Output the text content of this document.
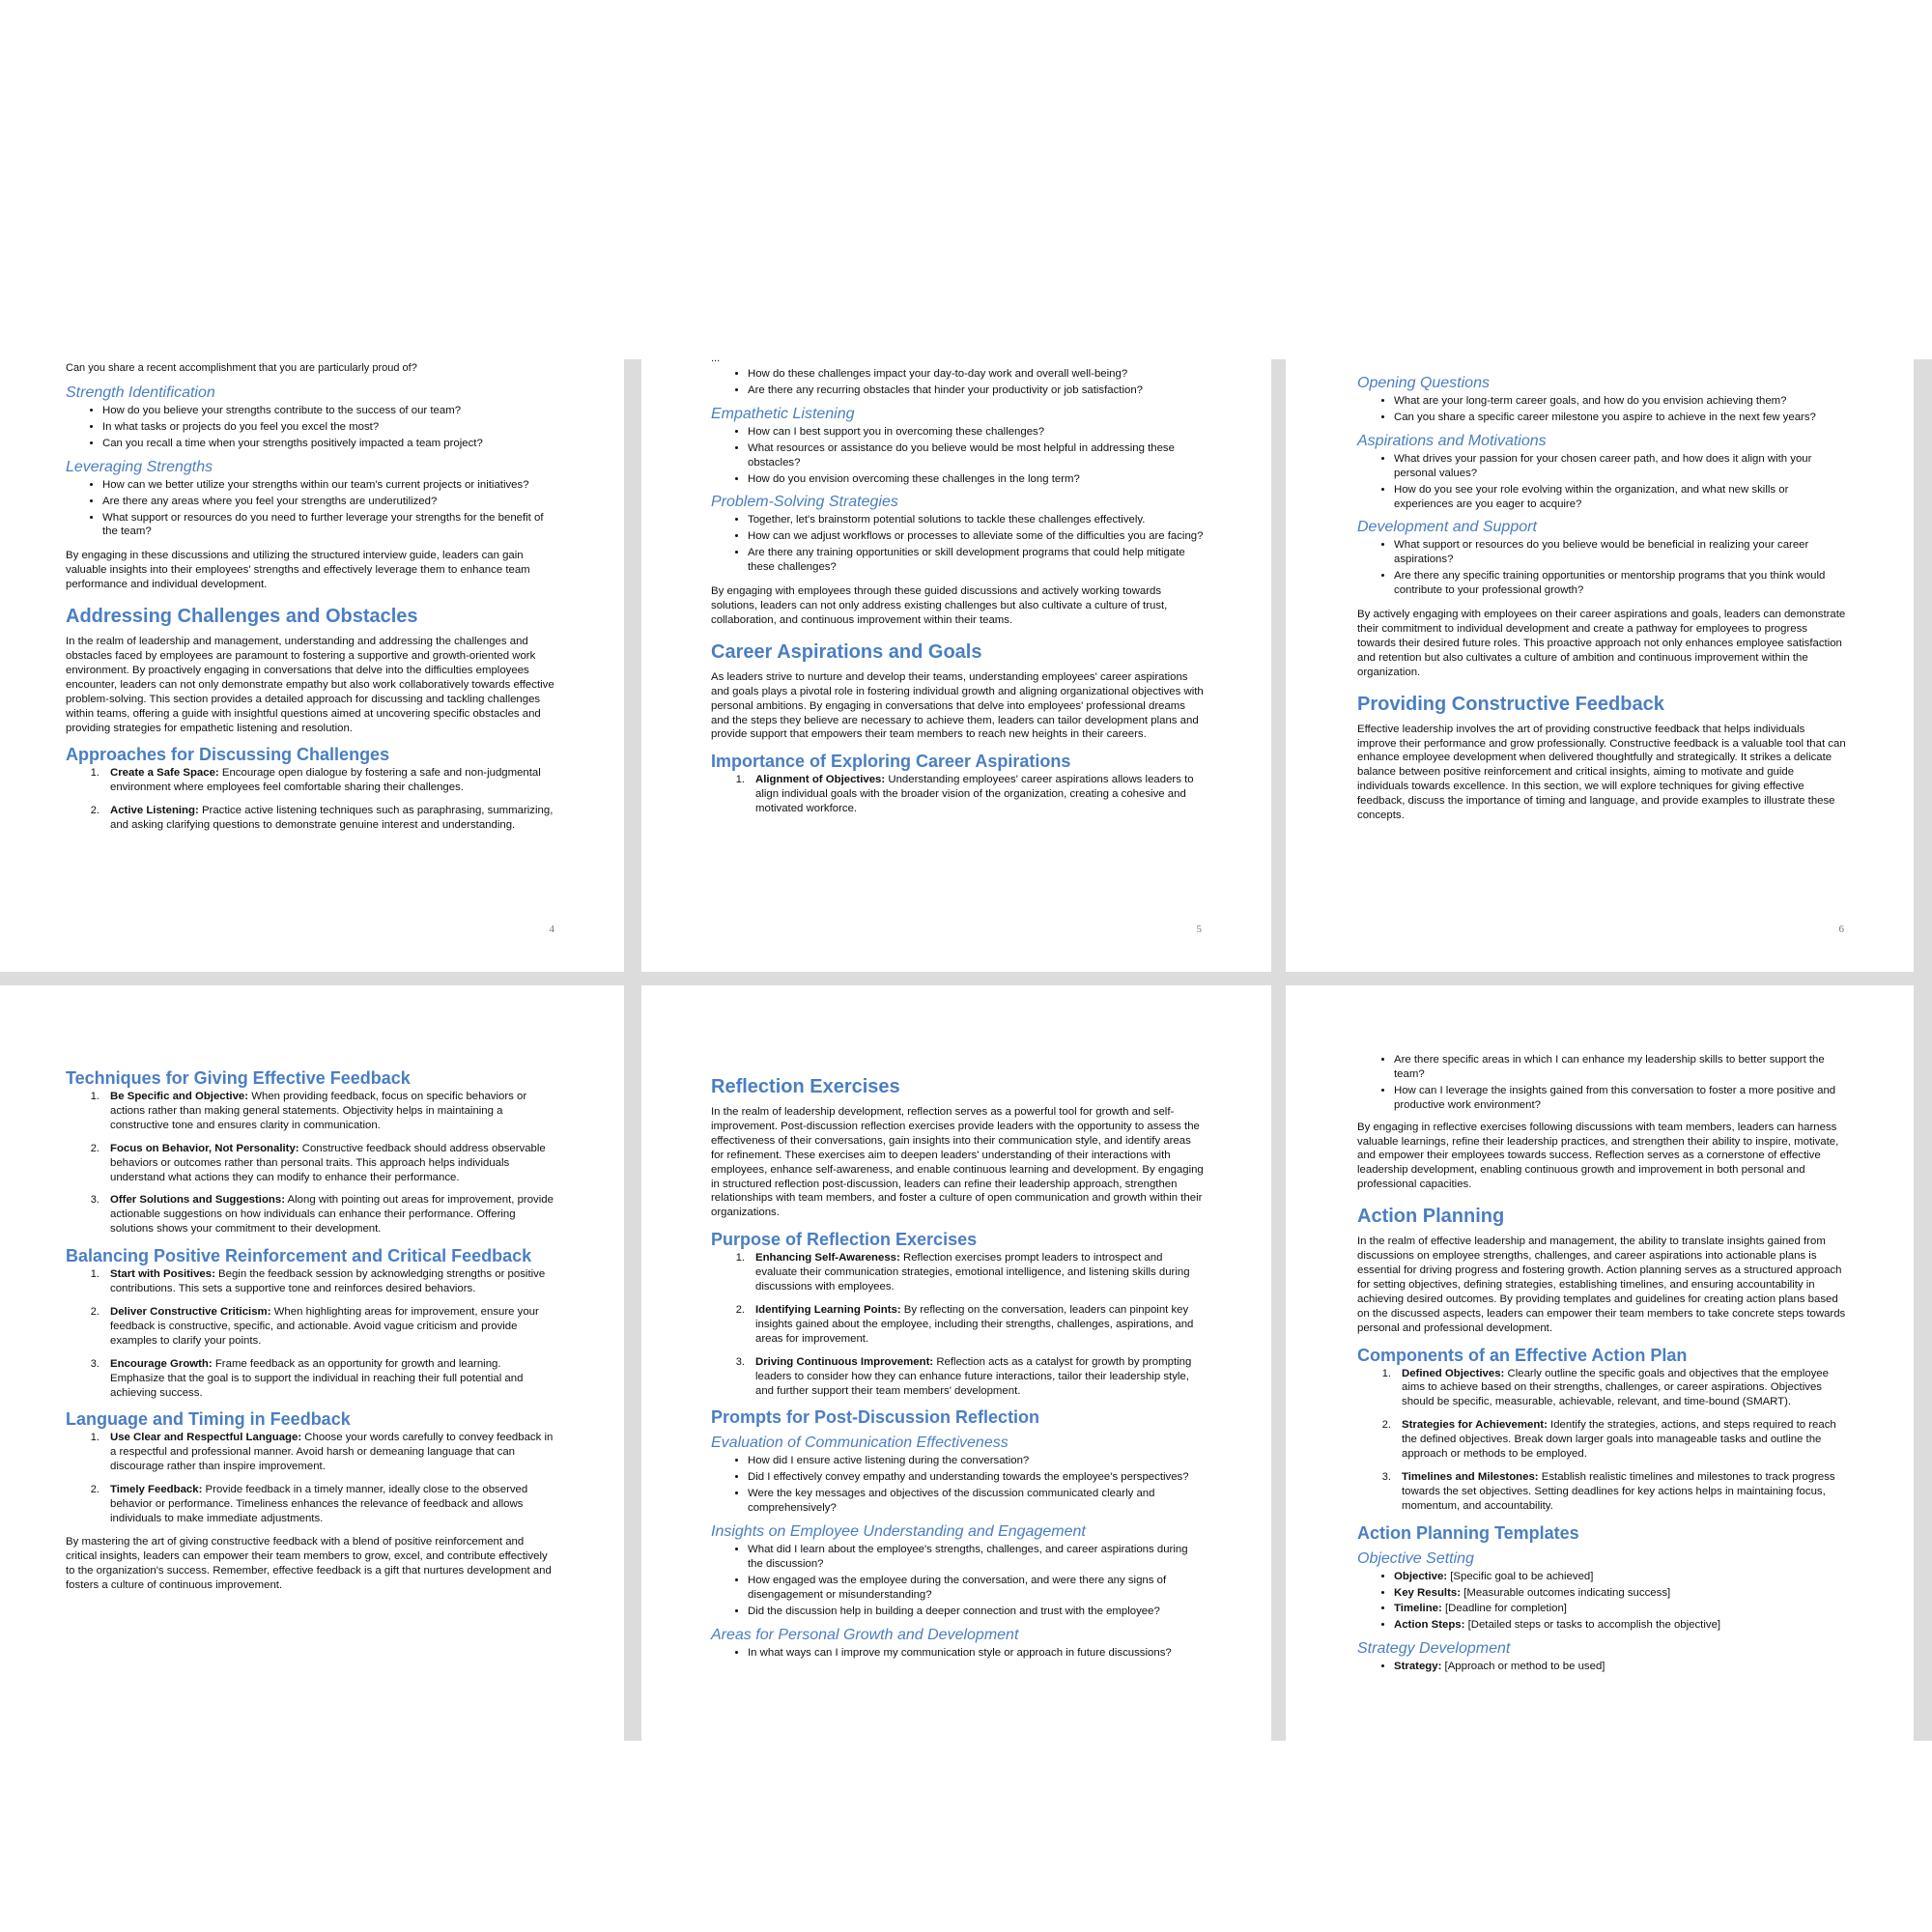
Can you share a recent accomplishment that you are particularly proud of?
Strength Identification
• How do you believe your strengths contribute to the success of our team?
• In what tasks or projects do you feel you excel the most?
• Can you recall a time when your strengths positively impacted a team project?
Leveraging Strengths
• How can we better utilize your strengths within our team's current projects or initiatives?
• Are there any areas where you feel your strengths are underutilized?
• What support or resources do you need to further leverage your strengths for the benefit of the team?

By engaging in these discussions and utilizing the structured interview guide, leaders can gain valuable insights into their employees' strengths and effectively leverage them to enhance team performance and individual development.

Addressing Challenges and Obstacles

In the realm of leadership and management, understanding and addressing the challenges and obstacles faced by employees are paramount to fostering a supportive and growth-oriented work environment. By proactively engaging in conversations that delve into the difficulties employees encounter, leaders can not only demonstrate empathy but also work collaboratively towards effective problem-solving. This section provides a detailed approach for discussing and tackling challenges within teams, offering a guide with insightful questions aimed at uncovering specific obstacles and providing strategies for empathetic listening and resolution.

Approaches for Discussing Challenges
1. Create a Safe Space: Encourage open dialogue by fostering a safe and non-judgmental environment where employees feel comfortable sharing their challenges.
2. Active Listening: Practice active listening techniques such as paraphrasing, summarizing, and asking clarifying questions to demonstrate genuine interest and understanding.
4
...
• How do these challenges impact your day-to-day work and overall well-being?
• Are there any recurring obstacles that hinder your productivity or job satisfaction?
Empathetic Listening
• How can I best support you in overcoming these challenges?
• What resources or assistance do you believe would be most helpful in addressing these obstacles?
• How do you envision overcoming these challenges in the long term?
Problem-Solving Strategies
• Together, let's brainstorm potential solutions to tackle these challenges effectively.
• How can we adjust workflows or processes to alleviate some of the difficulties you are facing?
• Are there any training opportunities or skill development programs that could help mitigate these challenges?

By engaging with employees through these guided discussions and actively working towards solutions, leaders can not only address existing challenges but also cultivate a culture of trust, collaboration, and continuous improvement within their teams.

Career Aspirations and Goals

As leaders strive to nurture and develop their teams, understanding employees' career aspirations and goals plays a pivotal role in fostering individual growth and aligning organizational objectives with personal ambitions. By engaging in conversations that delve into employees' professional dreams and the steps they believe are necessary to achieve them, leaders can tailor development plans and provide support that empowers their team members to reach new heights in their careers.

Importance of Exploring Career Aspirations
1. Alignment of Objectives: Understanding employees' career aspirations allows leaders to align individual goals with the broader vision of the organization, creating a cohesive and motivated workforce.
5
Opening Questions
• What are your long-term career goals, and how do you envision achieving them?
• Can you share a specific career milestone you aspire to achieve in the next few years?
Aspirations and Motivations
• What drives your passion for your chosen career path, and how does it align with your personal values?
• How do you see your role evolving within the organization, and what new skills or experiences are you eager to acquire?
Development and Support
• What support or resources do you believe would be beneficial in realizing your career aspirations?
• Are there any specific training opportunities or mentorship programs that you think would contribute to your professional growth?

By actively engaging with employees on their career aspirations and goals, leaders can demonstrate their commitment to individual development and create a pathway for employees to progress towards their desired future roles. This proactive approach not only enhances employee satisfaction and retention but also cultivates a culture of ambition and continuous improvement within the organization.

Providing Constructive Feedback

Effective leadership involves the art of providing constructive feedback that helps individuals improve their performance and grow professionally. Constructive feedback is a valuable tool that can enhance employee development when delivered thoughtfully and strategically. It strikes a delicate balance between positive reinforcement and critical insights, aiming to motivate and guide individuals towards excellence. In this section, we will explore techniques for giving effective feedback, discuss the importance of timing and language, and provide examples to illustrate these concepts.

6
Techniques for Giving Effective Feedback
1. Be Specific and Objective: When providing feedback, focus on specific behaviors or actions rather than making general statements. Objectivity helps in maintaining a constructive tone and ensures clarity in communication.
2. Focus on Behavior, Not Personality: Constructive feedback should address observable behaviors or outcomes rather than personal traits. This approach helps individuals understand what actions they can modify to enhance their performance.
3. Offer Solutions and Suggestions: Along with pointing out areas for improvement, provide actionable suggestions on how individuals can enhance their performance. Offering solutions shows your commitment to their development.
Balancing Positive Reinforcement and Critical Feedback
1. Start with Positives: Begin the feedback session by acknowledging strengths or positive contributions. This sets a supportive tone and reinforces desired behaviors.
2. Deliver Constructive Criticism: When highlighting areas for improvement, ensure your feedback is constructive, specific, and actionable. Avoid vague criticism and provide examples to clarify your points.
3. Encourage Growth: Frame feedback as an opportunity for growth and learning. Emphasize that the goal is to support the individual in reaching their full potential and achieving success.
Language and Timing in Feedback
1. Use Clear and Respectful Language: Choose your words carefully to convey feedback in a respectful and professional manner. Avoid harsh or demeaning language that can discourage rather than inspire improvement.
2. Timely Feedback: Provide feedback in a timely manner, ideally close to the observed behavior or performance. Timeliness enhances the relevance of feedback and allows individuals to make immediate adjustments.

By mastering the art of giving constructive feedback with a blend of positive reinforcement and critical insights, leaders can empower their team members to grow, excel, and contribute effectively to the organization's success. Remember, effective feedback is a gift that nurtures development and fosters a culture of continuous improvement.

Reflection Exercises

In the realm of leadership development, reflection serves as a powerful tool for growth and self-improvement. Post-discussion reflection exercises provide leaders with the opportunity to assess the effectiveness of their conversations, gain insights into their communication style, and identify areas for refinement. These exercises aim to deepen leaders' understanding of their interactions with employees, enhance self-awareness, and enable continuous learning and development. By engaging in structured reflection post-discussion, leaders can refine their leadership approach, strengthen relationships with team members, and foster a culture of open communication and growth within their organizations.

Purpose of Reflection Exercises
1. Enhancing Self-Awareness: Reflection exercises prompt leaders to introspect and evaluate their communication strategies, emotional intelligence, and listening skills during discussions with employees.
2. Identifying Learning Points: By reflecting on the conversation, leaders can pinpoint key insights gained about the employee, including their strengths, challenges, aspirations, and areas for improvement.
3. Driving Continuous Improvement: Reflection acts as a catalyst for growth by prompting leaders to consider how they can enhance future interactions, tailor their leadership style, and further support their team members' development.
Prompts for Post-Discussion Reflection
Evaluation of Communication Effectiveness
• How did I ensure active listening during the conversation?
• Did I effectively convey empathy and understanding towards the employee's perspectives?
• Were the key messages and objectives of the discussion communicated clearly and comprehensively?
Insights on Employee Understanding and Engagement
• What did I learn about the employee's strengths, challenges, and career aspirations during the discussion?
• How engaged was the employee during the conversation, and were there any signs of disengagement or misunderstanding?
• Did the discussion help in building a deeper connection and trust with the employee?
Areas for Personal Growth and Development
• In what ways can I improve my communication style or approach in future discussions?
• Are there specific areas in which I can enhance my leadership skills to better support the team?
• How can I leverage the insights gained from this conversation to foster a more positive and productive work environment?

By engaging in reflective exercises following discussions with team members, leaders can harness valuable learnings, refine their leadership practices, and strengthen their ability to inspire, motivate, and empower their employees towards success. Reflection serves as a cornerstone of effective leadership development, enabling continuous growth and improvement in both personal and professional capacities.

Action Planning

In the realm of effective leadership and management, the ability to translate insights gained from discussions on employee strengths, challenges, and career aspirations into actionable plans is essential for driving progress and fostering growth. Action planning serves as a structured approach for setting objectives, defining strategies, establishing timelines, and ensuring accountability in achieving desired outcomes. By providing templates and guidelines for creating action plans based on the discussed aspects, leaders can empower their team members to take concrete steps towards personal and professional development.

Components of an Effective Action Plan
1. Defined Objectives: Clearly outline the specific goals and objectives that the employee aims to achieve based on their strengths, challenges, or career aspirations. Objectives should be specific, measurable, achievable, relevant, and time-bound (SMART).
2. Strategies for Achievement: Identify the strategies, actions, and steps required to reach the defined objectives. Break down larger goals into manageable tasks and outline the approach or methods to be employed.
3. Timelines and Milestones: Establish realistic timelines and milestones to track progress towards the set objectives. Setting deadlines for key actions helps in maintaining focus, momentum, and accountability.
Action Planning Templates
Objective Setting
• Objective: [Specific goal to be achieved]
• Key Results: [Measurable outcomes indicating success]
• Timeline: [Deadline for completion]
• Action Steps: [Detailed steps or tasks to accomplish the objective]
Strategy Development
• Strategy: [Approach or method to be used]
